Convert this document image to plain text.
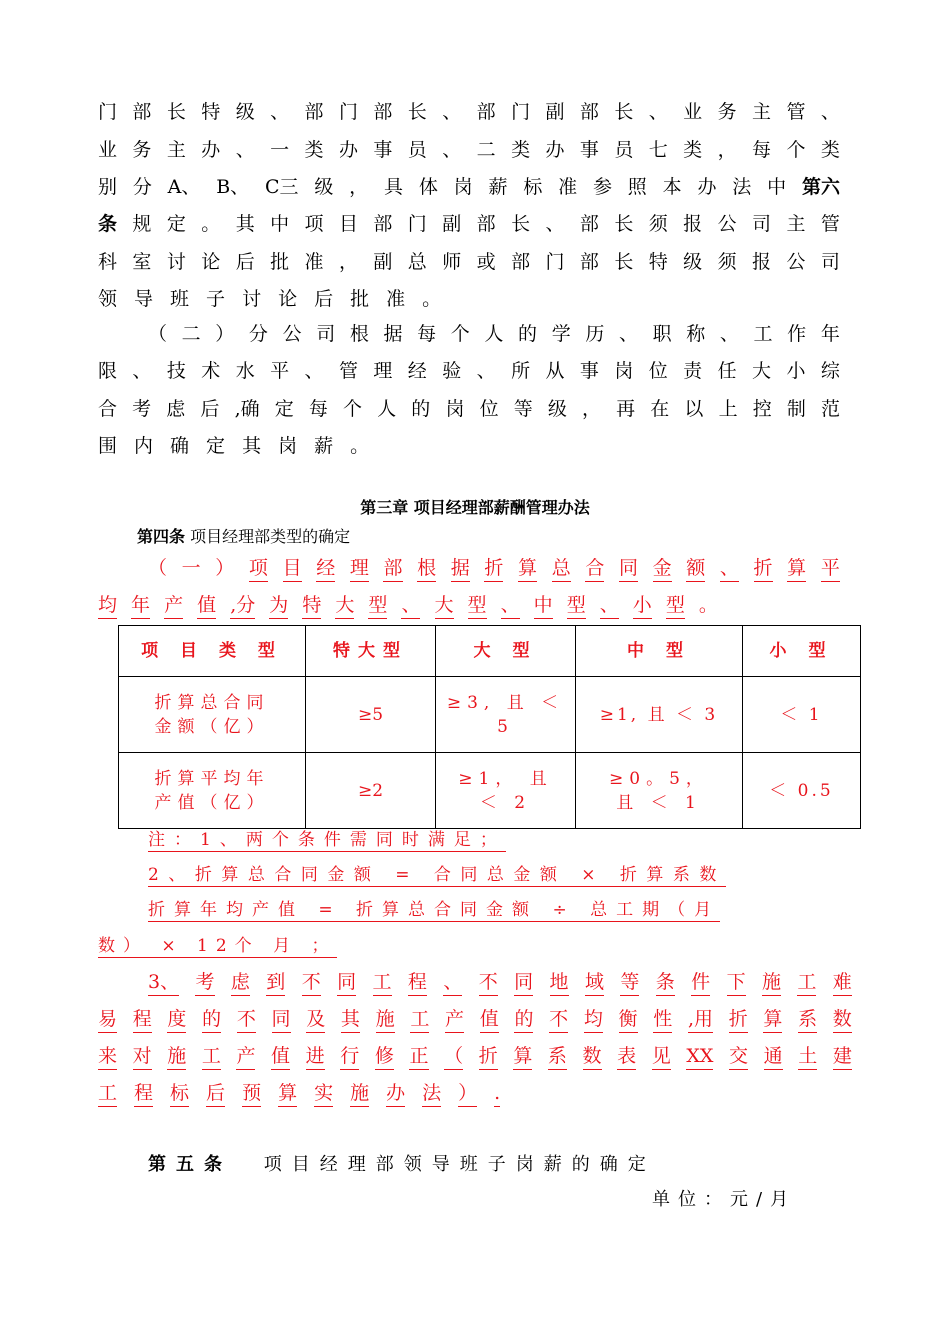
门 部 长 特 级 、 部 门 部 长 、 部 门 副 部 长 、 业 务 主 管 、
业 务 主 办 、 一 类 办 事 员 、 二 类 办 事 员 七 类 ， 每 个 类
别 分 A、 B、 C三 级 ， 具 体 岗 薪 标 准 参 照 本 办 法 中 第六
条 规 定 。 其 中 项 目 部 门 副 部 长 、 部 长 须 报 公 司 主 管
科 室 讨 论 后 批 准 ， 副 总 师 或 部 门 部 长 特 级 须 报 公 司
领 导 班 子 讨 论 后 批 准 。
（ 二 ） 分 公 司 根 据 每 个 人 的 学 历 、 职 称 、 工 作 年
限 、 技 术 水 平 、 管 理 经 验 、 所 从 事 岗 位 责 任 大 小 综
合 考 虑 后 ,确 定 每 个 人 的 岗 位 等 级 ， 再 在 以 上 控 制 范
围 内 确 定 其 岗 薪 。
第三章 项目经理部薪酬管理办法
第四条 项目经理部类型的确定
（ 一 ） 项 目 经 理 部 根 据 折 算 总 合 同 金 额 、 折 算 平
均 年 产 值 ,分 为 特 大 型 、 大 型 、 中 型 、 小 型 。
项 目 类 型	特大型	大 型	中 型	小 型
折算总合同金额（亿）	≥5	≥3, 且 ＜5	≥1, 且 ＜ 3	＜ 1
折算平均年产值（亿）	≥2	≥1， 且 ＜ 2	≥0。5，且 ＜ 1	＜ 0.5
注：1、两个条件需同时满足；
2、折算总合同金额 = 合同总金额 × 折算系数
折算年均产值 = 折算总合同金额 ÷ 总工期（月
数） × 12个 月 ；
3、 考 虑 到 不 同 工 程 、 不 同 地 域 等 条 件 下 施 工 难
易 程 度 的 不 同 及 其 施 工 产 值 的 不 均 衡 性 ,用 折 算 系 数
来 对 施 工 产 值 进 行 修 正 （ 折 算 系 数 表 见 XX 交 通 土 建
工 程 标 后 预 算 实 施 办 法 ） .
第五条 项目经理部领导班子岗薪的确定
单位：元/月
